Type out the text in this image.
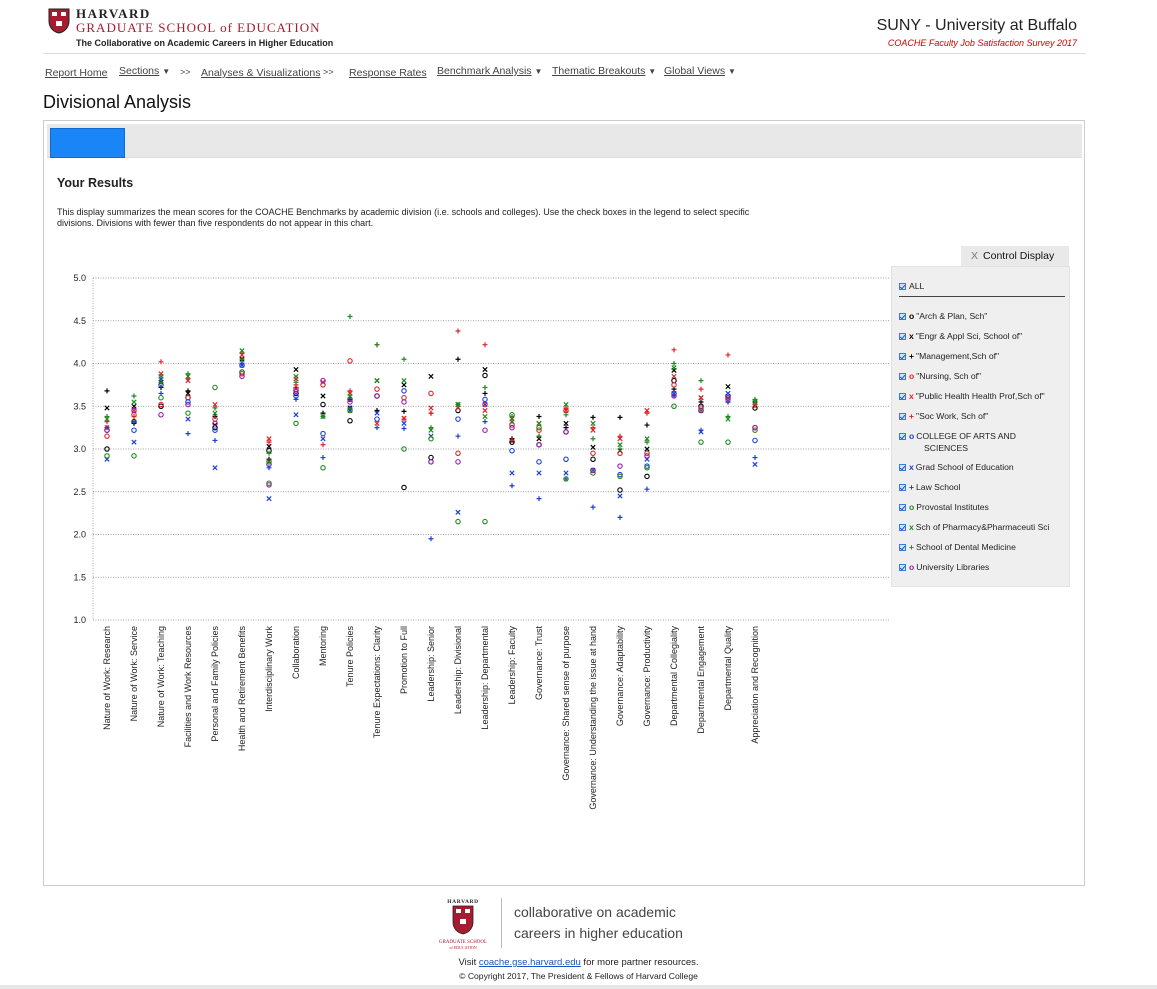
HARVARD
GRADUATE SCHOOL of EDUCATION
The Collaborative on Academic Careers in Higher Education
SUNY - University at Buffalo
COACHE Faculty Job Satisfaction Survey 2017
Report Home Sections ▼ >> Analyses & Visualizations >> Response Rates Benchmark Analysis ▼ Thematic Breakouts ▼ Global Views ▼
Divisional Analysis
Your Results
This display summarizes the mean scores for the COACHE Benchmarks by academic division (i.e. schools and colleges). Use the check boxes in the legend to select specific divisions. Divisions with fewer than five respondents do not appear in this chart.
X Control Display
ALL
o "Arch & Plan, Sch"
x "Engr & Appl Sci, School of"
+ "Management,Sch of"
o "Nursing, Sch of"
x "Public Health Health Prof,Sch of"
+ "Soc Work, Sch of"
o COLLEGE OF ARTS AND
SCIENCES
x Grad School of Education
+ Law School
o Provostal Institutes
x Sch of Pharmacy&Pharmaceuti Sci
+ School of Dental Medicine
o University Libraries
1.0
1.5
2.0
2.5
3.0
3.5
4.0
4.5
5.0
Nature of Work: Research Nature of Work: Service Nature of Work: Teaching Facilities and Work Resources Personal and Family Policies Health and Retirement Benefits Interdisciplinary Work Collaboration Mentoring Tenure Policies Tenure Expectations: Clarity Promotion to Full Leadership: Senior Leadership: Divisional Leadership: Departmental Leadership: Faculty Governance: Trust Governance: Shared sense of purpose Governance: Understanding the issue at hand Governance: Adaptability Governance: Productivity Departmental Collegiality Departmental Engagement Departmental Quality Appreciation and Recognition
HARVARD
GRADUATE SCHOOL
of EDUCATION
collaborative on academic
careers in higher education
Visit coache.gse.harvard.edu for more partner resources.
© Copyright 2017, The President & Fellows of Harvard College
